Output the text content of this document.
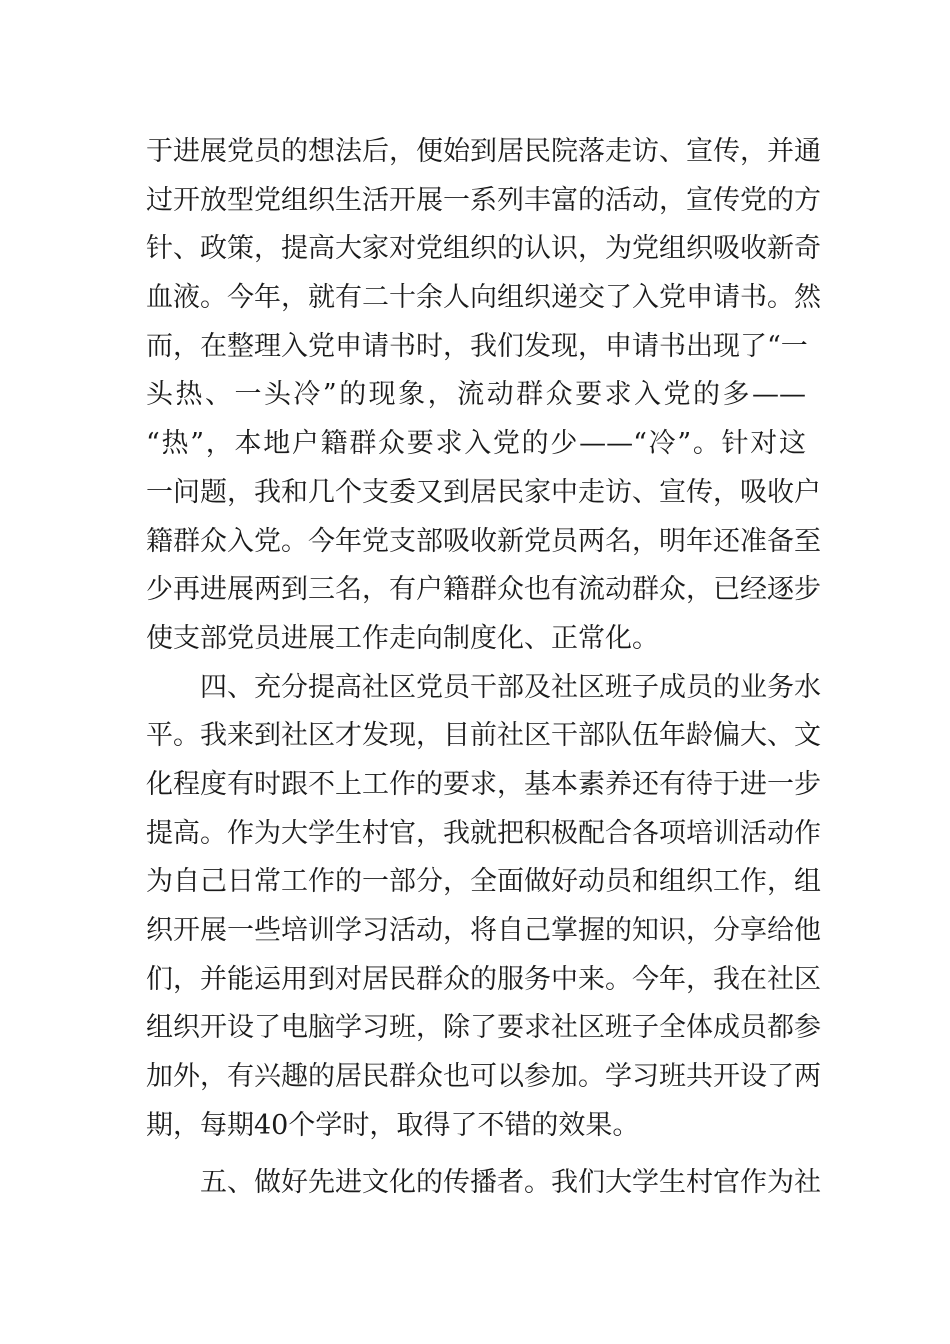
于进展党员的想法后，便始到居民院落走访、宣传，并通
过开放型党组织生活开展一系列丰富的活动，宣传党的方
针、政策，提高大家对党组织的认识，为党组织吸收新奇
血液。今年，就有二十余人向组织递交了入党申请书。然
而，在整理入党申请书时，我们发现，申请书出现了“一
头热、一头冷”的现象，流动群众要求入党的多——
“热”，本地户籍群众要求入党的少——“冷”。针对这
一问题，我和几个支委又到居民家中走访、宣传，吸收户
籍群众入党。今年党支部吸收新党员两名，明年还准备至
少再进展两到三名，有户籍群众也有流动群众，已经逐步
使支部党员进展工作走向制度化、正常化。
四、充分提高社区党员干部及社区班子成员的业务水
平。我来到社区才发现，目前社区干部队伍年龄偏大、文
化程度有时跟不上工作的要求，基本素养还有待于进一步
提高。作为大学生村官，我就把积极配合各项培训活动作
为自己日常工作的一部分，全面做好动员和组织工作，组
织开展一些培训学习活动，将自己掌握的知识，分享给他
们，并能运用到对居民群众的服务中来。今年，我在社区
组织开设了电脑学习班，除了要求社区班子全体成员都参
加外，有兴趣的居民群众也可以参加。学习班共开设了两
期，每期40个学时，取得了不错的效果。
五、做好先进文化的传播者。我们大学生村官作为社
